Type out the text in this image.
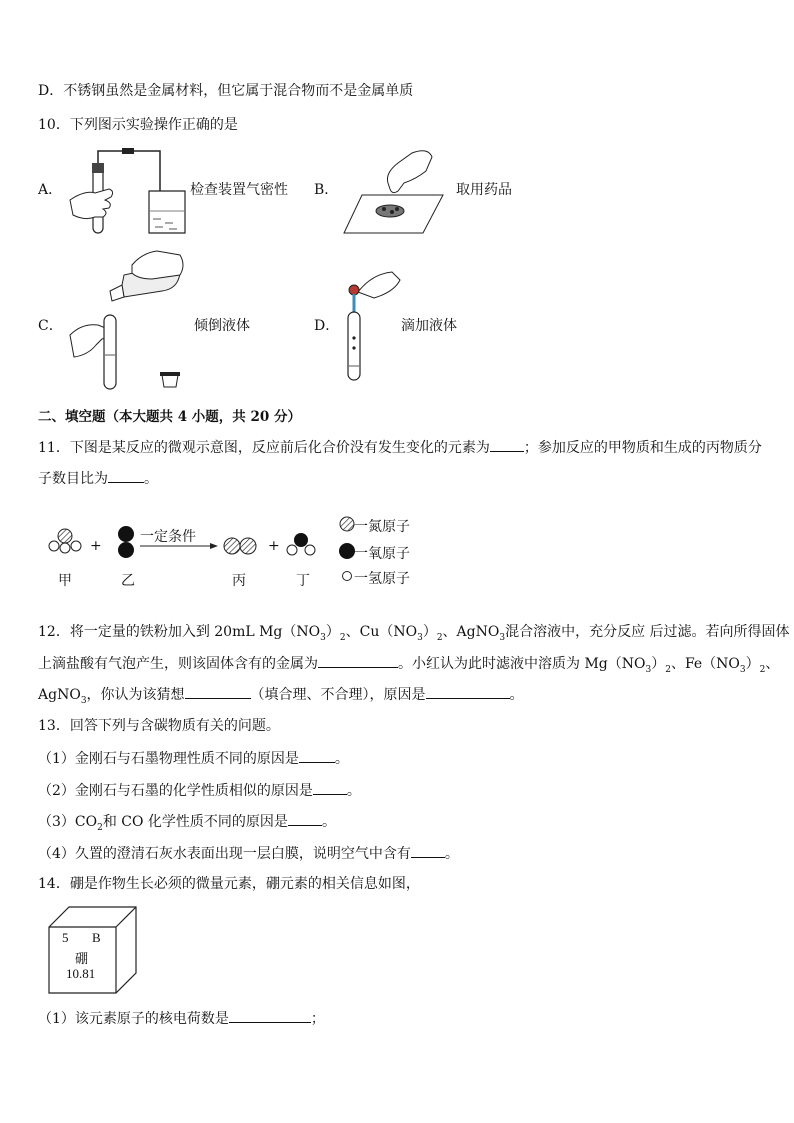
D．不锈钢虽然是金属材料，但它属于混合物而不是金属单质
10．下列图示实验操作正确的是
A．	检查装置气密性 B．	取用药品
C．	倾倒液体	D．	滴加液体
二、填空题（本大题共 4 小题，共 20 分）
11．下图是某反应的微观示意图，反应前后化合价没有发生变化的元素为 ；参加反应的甲物质和生成的丙物质分
子数目比为	。
+	+
一定条件
甲	乙	丙	丁
一氮原子
一氧原子
一氢原子
12．将一定量的铁粉加入到 20mL $Mg(NO_3)_2$、$Cu(NO_3)_2$、AgNO$_3$混合溶液中，充分反应 后过滤。若向所得固体
上滴盐酸有气泡产生，则该固体含有的金属为	。小红认为此时滤液中溶质为 $Mg(NO_3)_2$、$Fe(NO_3)_2$、
AgNO$_3$，你认为该猜想	（填合理、不合理），原因是	。
13．回答下列与含碳物质有关的问题。
（1）金刚石与石墨物理性质不同的原因是	。
（2）金刚石与石墨的化学性质相似的原因是 。
$(3)CO_2$和 CO 化学性质不同的原因是 。
（4）久置的澄清石灰水表面出现一层白膜，说明空气中含有 。
14．硼是作物生长必须的微量元素，硼元素的相关信息如图，
5 B
硼
10.81
（1）该元素原子的核电荷数是	；
